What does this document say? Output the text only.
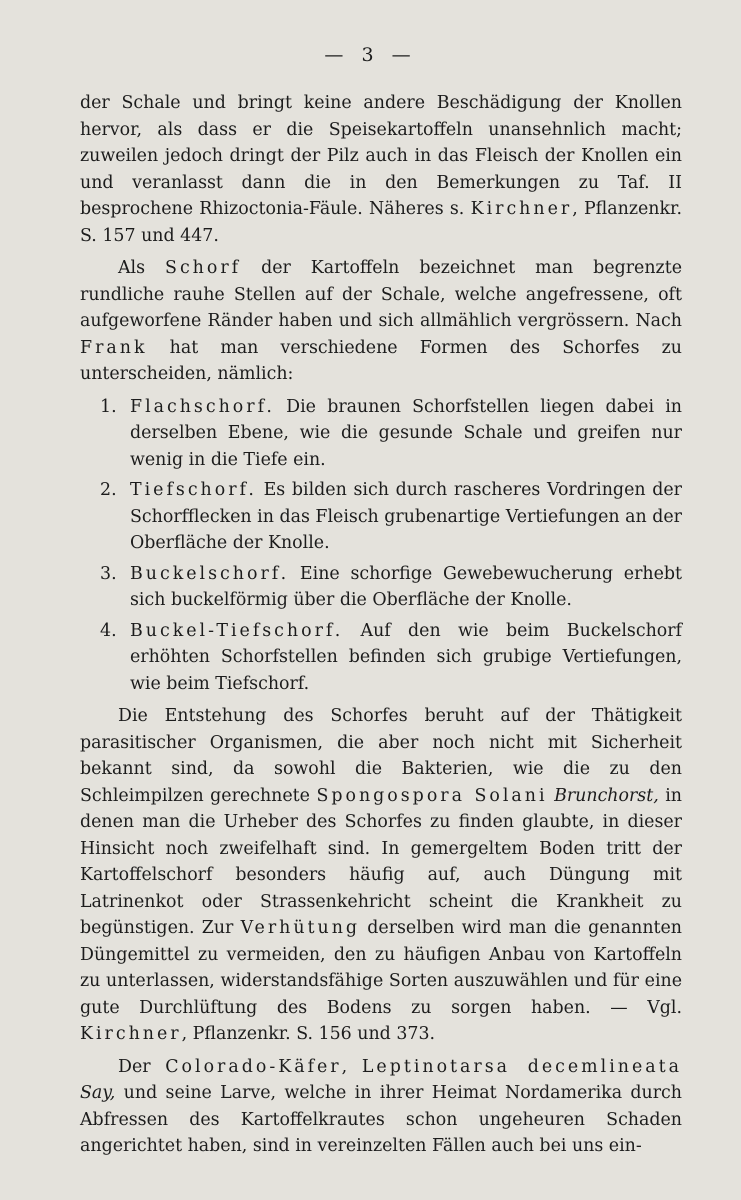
— 3 —

der Schale und bringt keine andere Beschädigung der Knollen hervor, als dass er die Speisekartoffeln unansehnlich macht; zuweilen jedoch dringt der Pilz auch in das Fleisch der Knollen ein und veranlasst dann die in den Bemerkungen zu Taf. II besprochene Rhizoctonia-Fäule. Näheres s. Kirchner, Pflanzenkr. S. 157 und 447.

Als Schorf der Kartoffeln bezeichnet man begrenzte rundliche rauhe Stellen auf der Schale, welche angefressene, oft aufgeworfene Ränder haben und sich allmählich vergrössern. Nach Frank hat man verschiedene Formen des Schorfes zu unterscheiden, nämlich:

1. Flachschorf. Die braunen Schorfstellen liegen dabei in derselben Ebene, wie die gesunde Schale und greifen nur wenig in die Tiefe ein.
2. Tiefschorf. Es bilden sich durch rascheres Vordringen der Schorfflecken in das Fleisch grubenartige Vertiefungen an der Oberfläche der Knolle.
3. Buckelschorf. Eine schorfige Gewebewucherung erhebt sich buckelförmig über die Oberfläche der Knolle.
4. Buckel-Tiefschorf. Auf den wie beim Buckelschorf erhöhten Schorfstellen befinden sich grubige Vertiefungen, wie beim Tiefschorf.

Die Entstehung des Schorfes beruht auf der Thätigkeit parasitischer Organismen, die aber noch nicht mit Sicherheit bekannt sind, da sowohl die Bakterien, wie die zu den Schleimpilzen gerechnete Spongospora Solani Brunchorst, in denen man die Urheber des Schorfes zu finden glaubte, in dieser Hinsicht noch zweifelhaft sind. In gemergeltem Boden tritt der Kartoffelschorf besonders häufig auf, auch Düngung mit Latrinenkot oder Strassenkehricht scheint die Krankheit zu begünstigen. Zur Verhütung derselben wird man die genannten Düngemittel zu vermeiden, den zu häufigen Anbau von Kartoffeln zu unterlassen, widerstandsfähige Sorten auszuwählen und für eine gute Durchlüftung des Bodens zu sorgen haben. — Vgl. Kirchner, Pflanzenkr. S. 156 und 373.

Der Colorado-Käfer, Leptinotarsa decemlineata Say, und seine Larve, welche in ihrer Heimat Nordamerika durch Abfressen des Kartoffelkrautes schon ungeheuren Schaden angerichtet haben, sind in vereinzelten Fällen auch bei uns ein-
